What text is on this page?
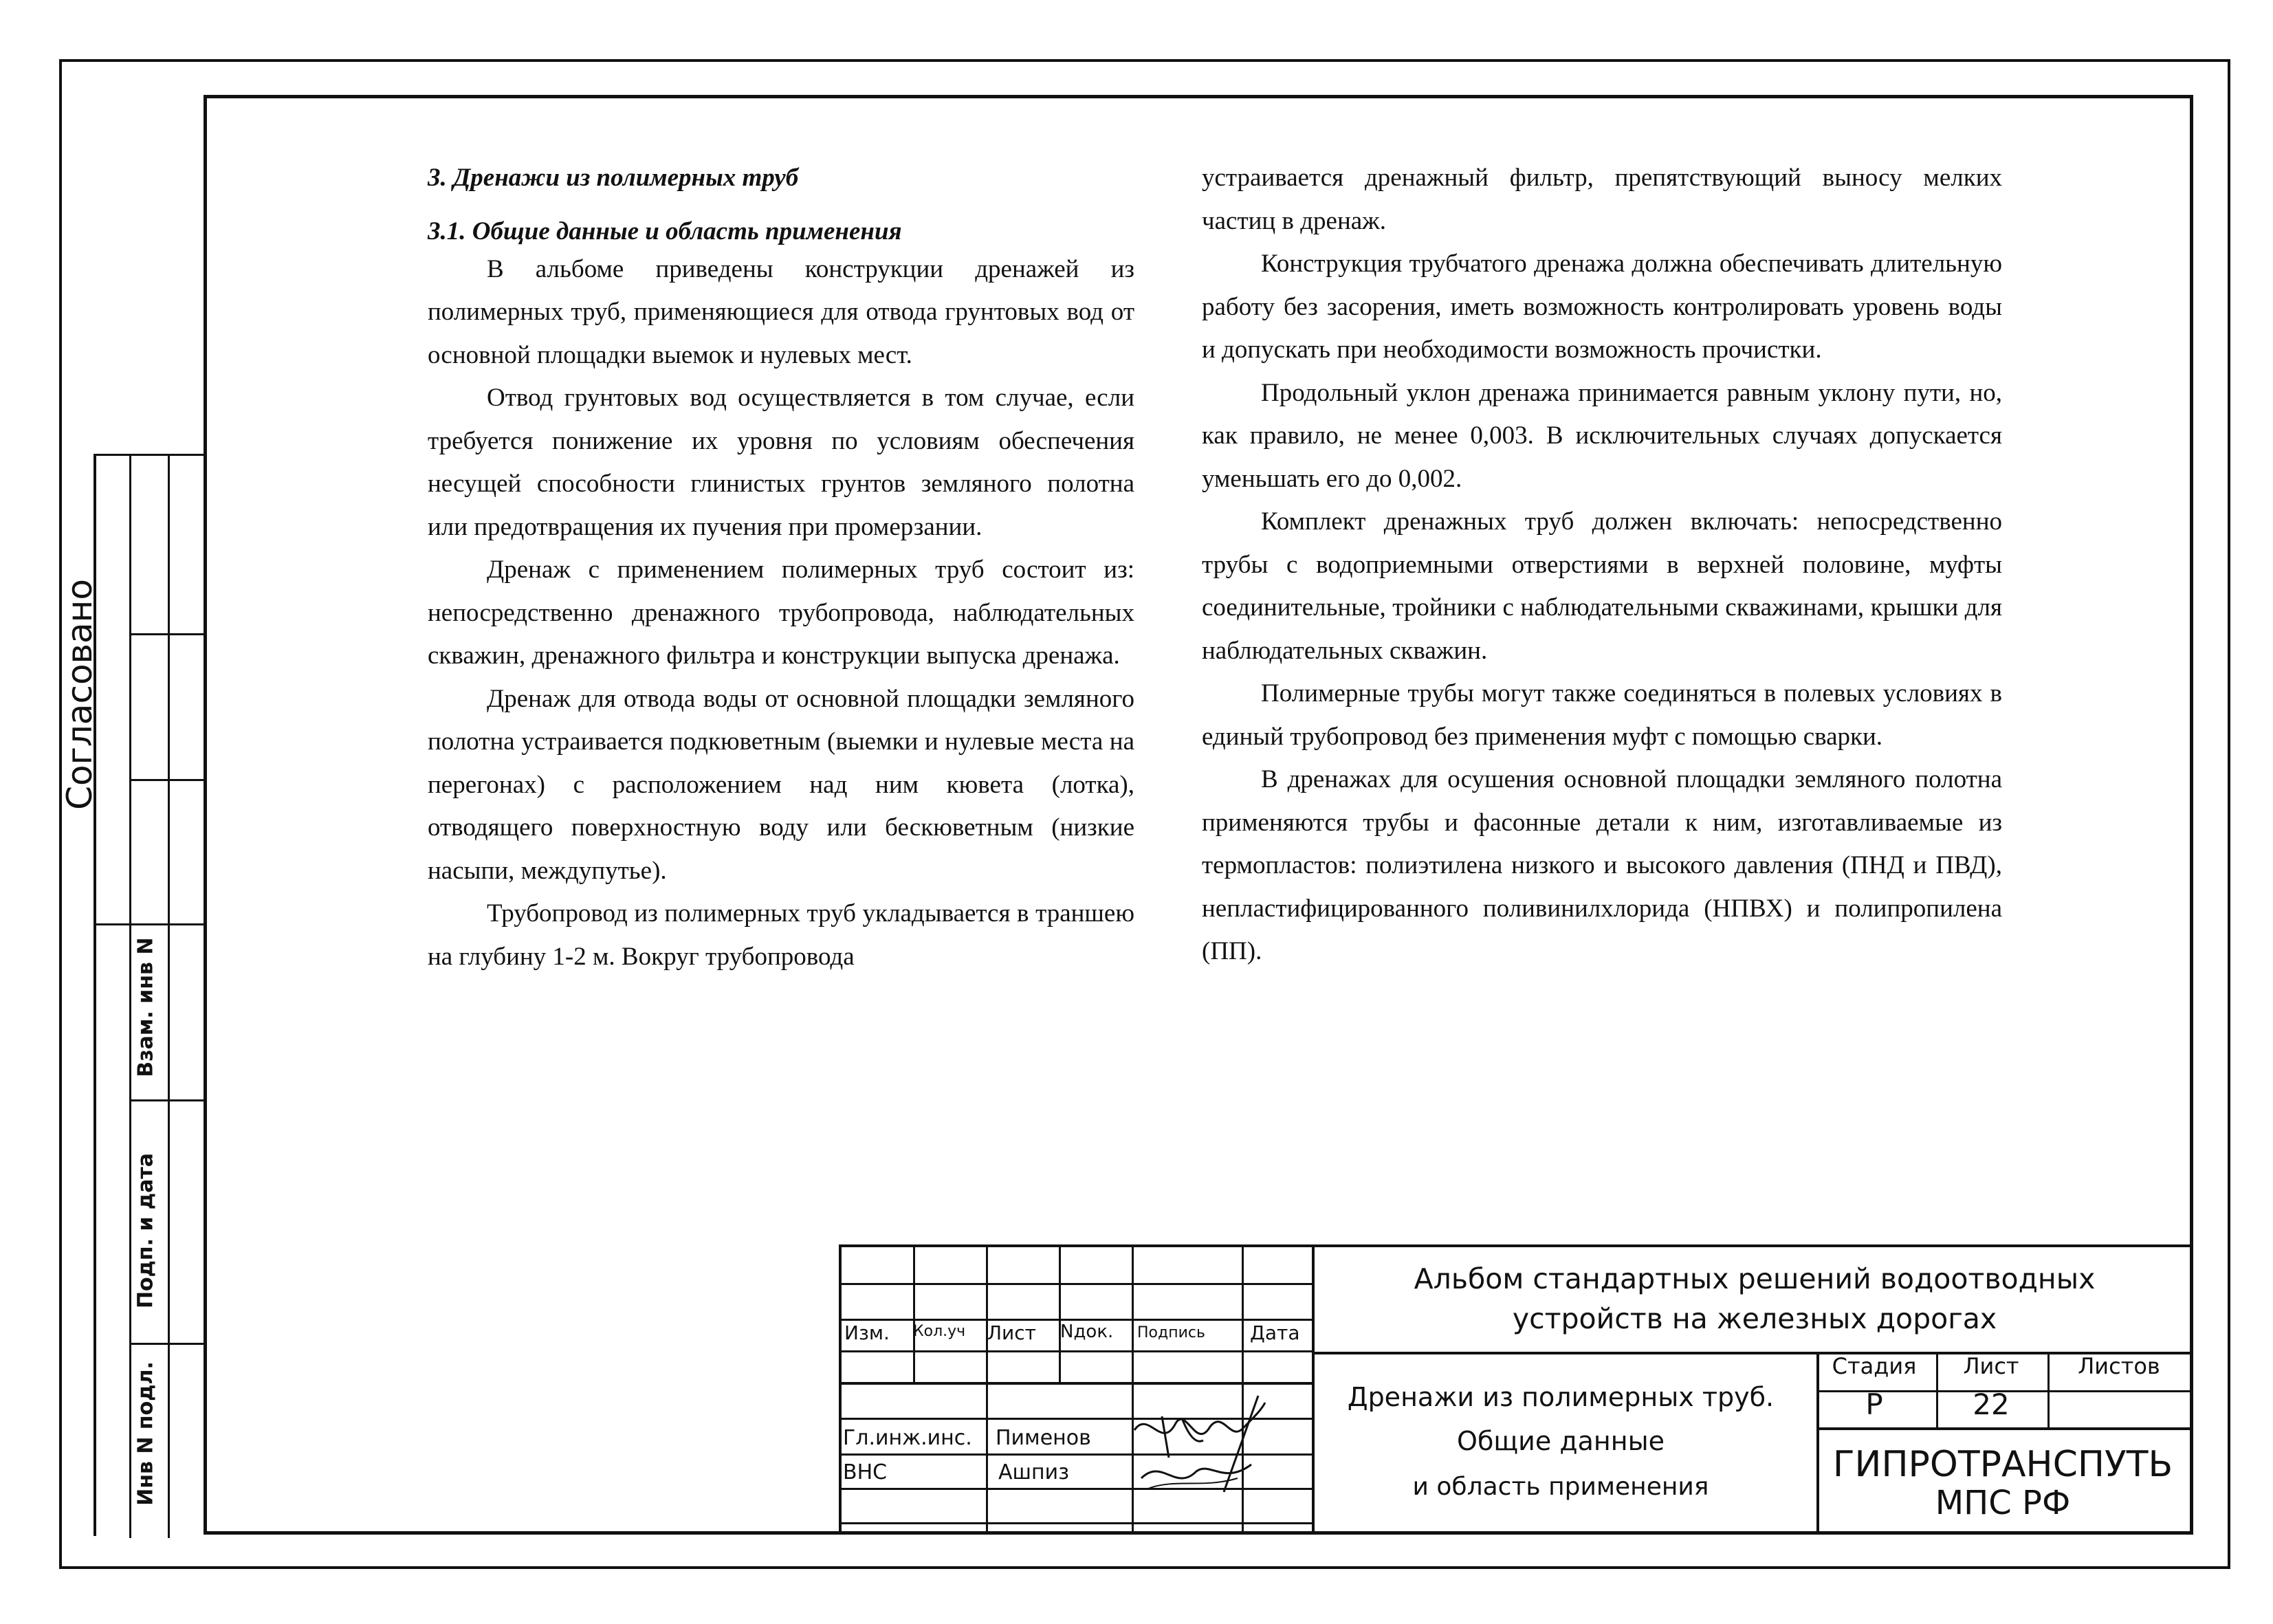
Согласовано
Взам. инв N
Подп. и дата
Инв N подл.

3. Дренажи из полимерных труб

3.1. Общие данные и область применения

В альбоме приведены конструкции дренажей из полимерных труб, применяющиеся для отвода грунтовых вод от основной площадки выемок и нулевых мест.

Отвод грунтовых вод осуществляется в том случае, если требуется понижение их уровня по условиям обеспечения несущей способности глинистых грунтов земляного полотна или предотвращения их пучения при промерзании.

Дренаж с применением полимерных труб состоит из: непосредственно дренажного трубопровода, наблюдательных скважин, дренажного фильтра и конструкции выпуска дренажа.

Дренаж для отвода воды от основной площадки земляного полотна устраивается подкюветным (выемки и нулевые места на перегонах) с расположением над ним кювета (лотка), отводящего поверхностную воду или бескюветным (низкие насыпи, междупутье).

Трубопровод из полимерных труб укладывается в траншею на глубину 1-2 м. Вокруг трубопровода

устраивается дренажный фильтр, препятствующий выносу мелких частиц в дренаж.

Конструкция трубчатого дренажа должна обеспечивать длительную работу без засорения, иметь возможность контролировать уровень воды и допускать при необходимости возможность прочистки.

Продольный уклон дренажа принимается равным уклону пути, но, как правило, не менее 0,003. В исключительных случаях допускается уменьшать его до 0,002.

Комплект дренажных труб должен включать: непосредственно трубы с водоприемными отверстиями в верхней половине, муфты соединительные, тройники с наблюдательными скважинами, крышки для наблюдательных скважин.

Полимерные трубы могут также соединяться в полевых условиях в единый трубопровод без применения муфт с помощью сварки.

В дренажах для осушения основной площадки земляного полотна применяются трубы и фасонные детали к ним, изготавливаемые из термопластов: полиэтилена низкого и высокого давления (ПНД и ПВД), непластифицированного поливинилхлорида (НПВХ) и полипропилена (ПП).

Изм. Кол.уч Лист Nдок. Подпись Дата
Гл.инж.инс. Пименов
ВНС	Ашпиз
Альбом стандартных решений водоотводных
устройств на железных дорогах
Дренажи из полимерных труб.
Общие данные
и область применения
Стадия	Лист	Листов
Р	22
ГИПРОТРАНСПУТЬ
МПС РФ
